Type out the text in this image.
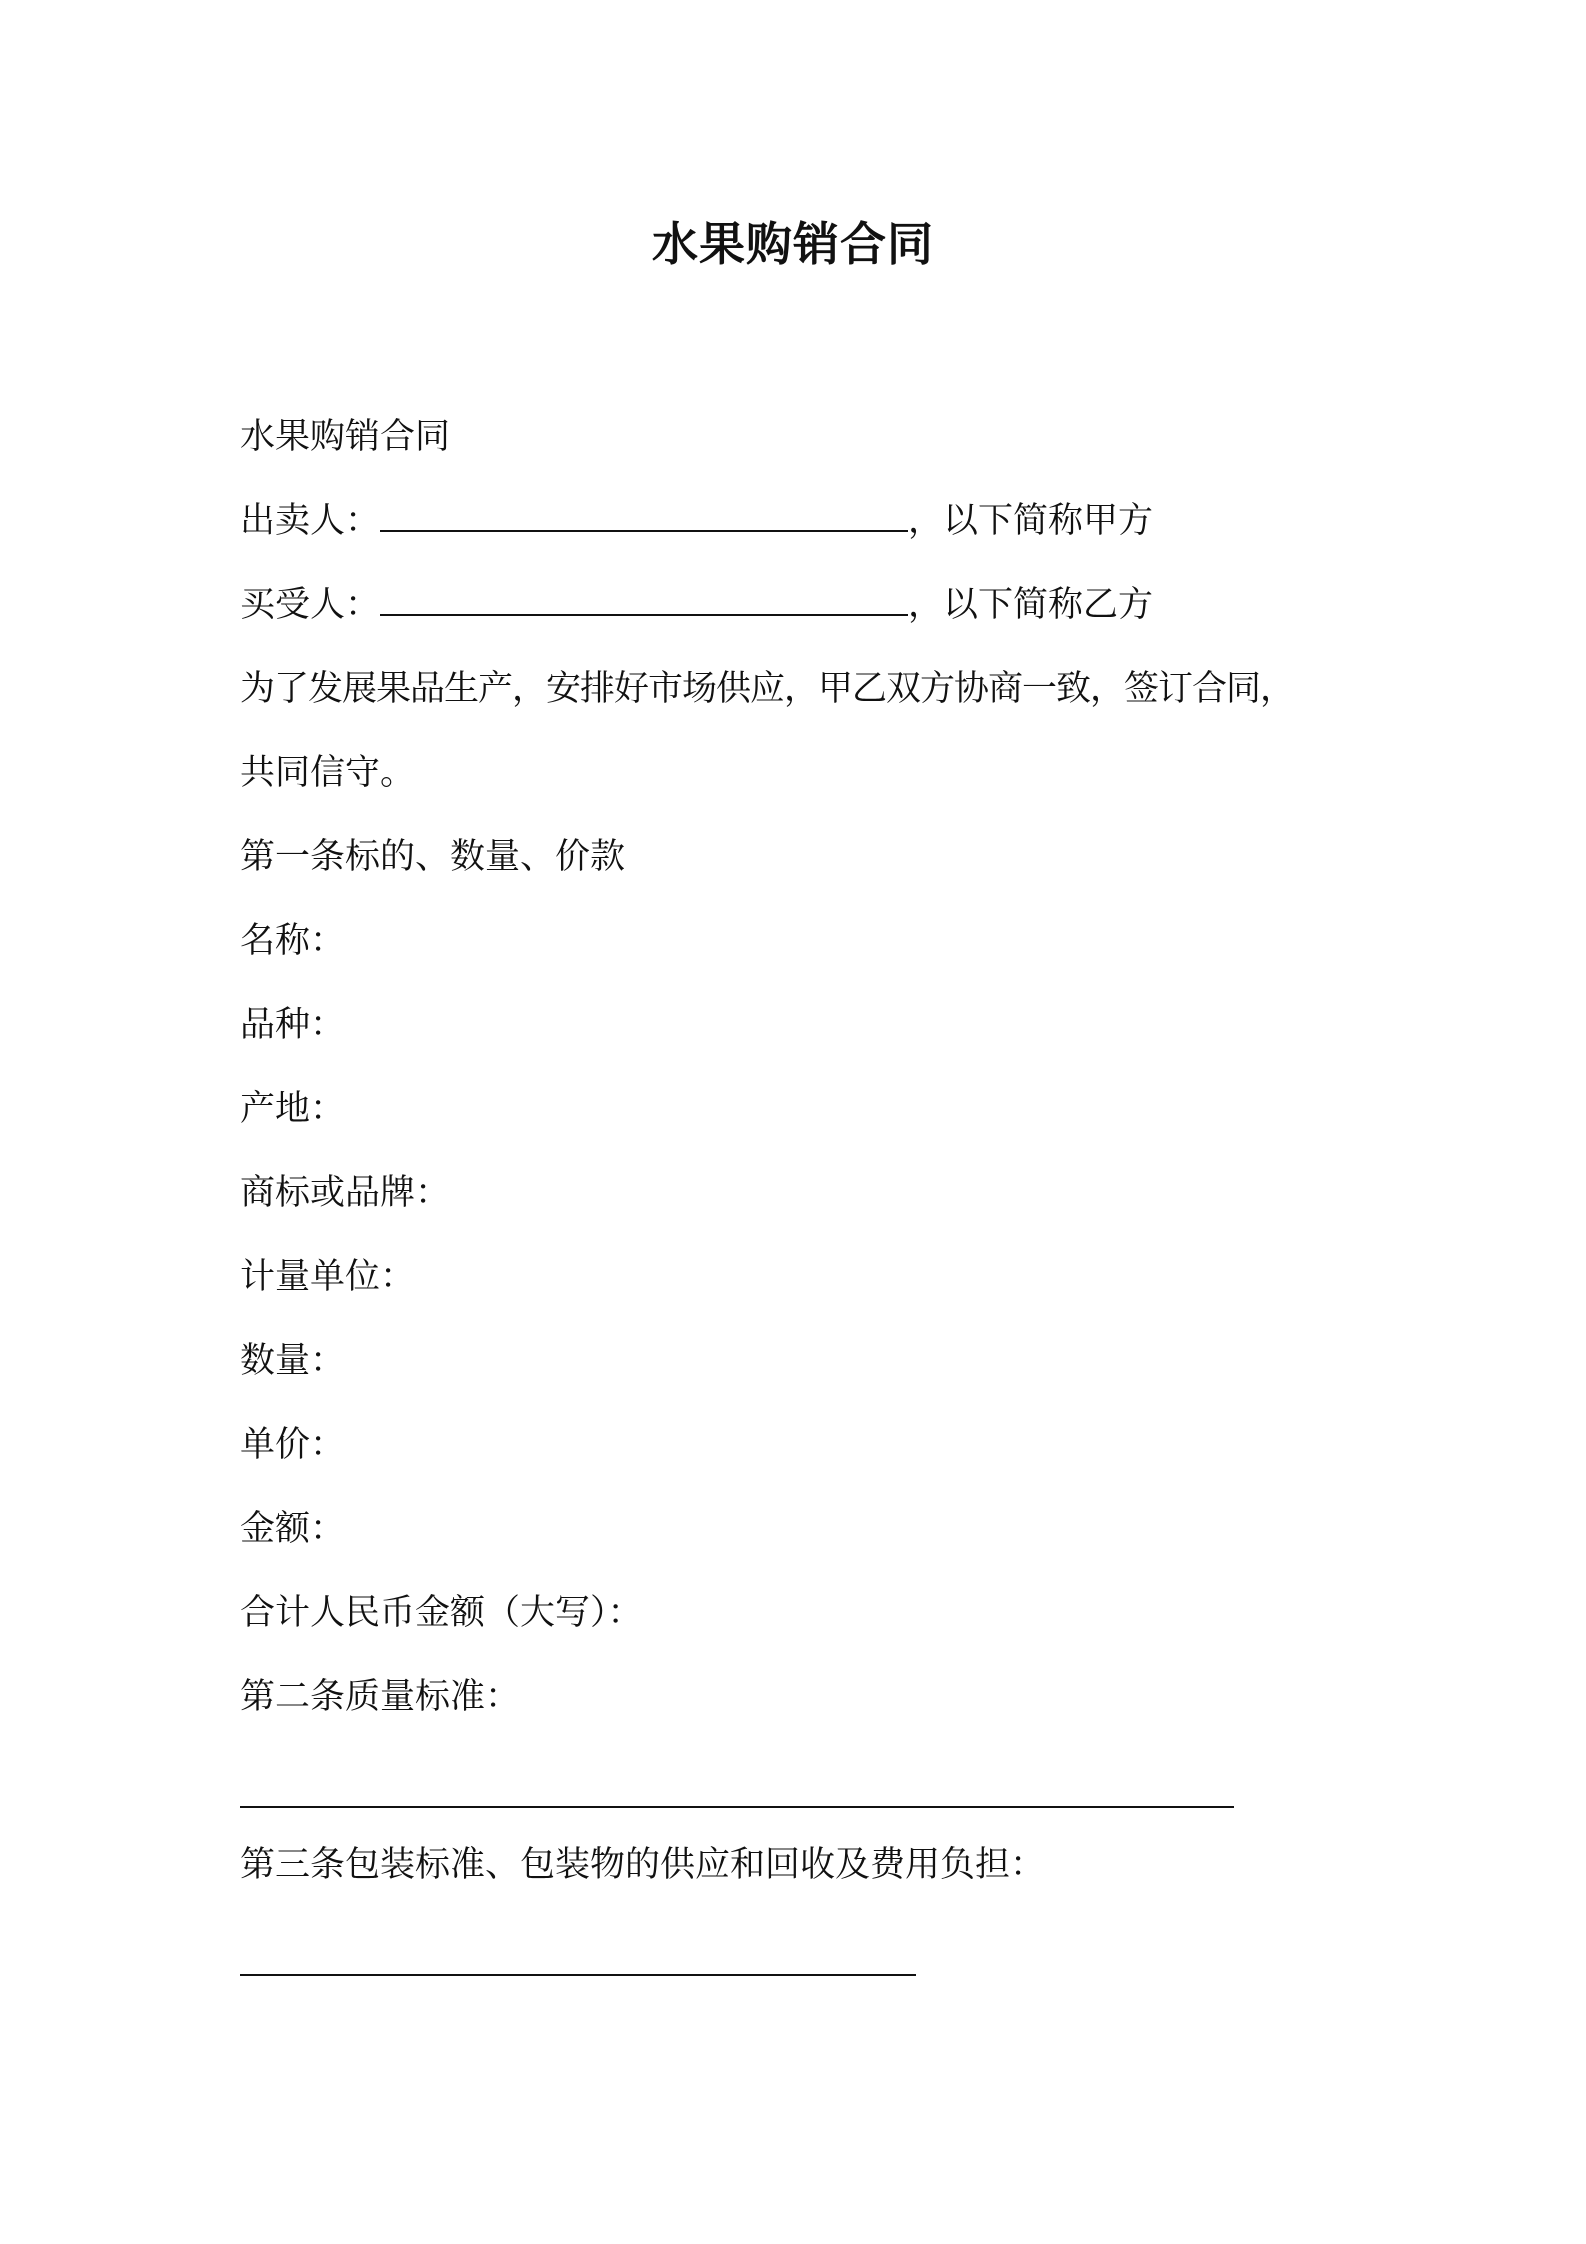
水果购销合同

水果购销合同

出卖人：	，以下简称甲方

买受人：	，以下简称乙方

为了发展果品生产，安排好市场供应，甲乙双方协商一致，签订合同，

共同信守。

第一条标的、数量、价款

名称：

品种：

产地：

商标或品牌：

计量单位：

数量：

单价：

金额：

合计人民币金额（大写）：

第二条质量标准：

第三条包装标准、包装物的供应和回收及费用负担：
